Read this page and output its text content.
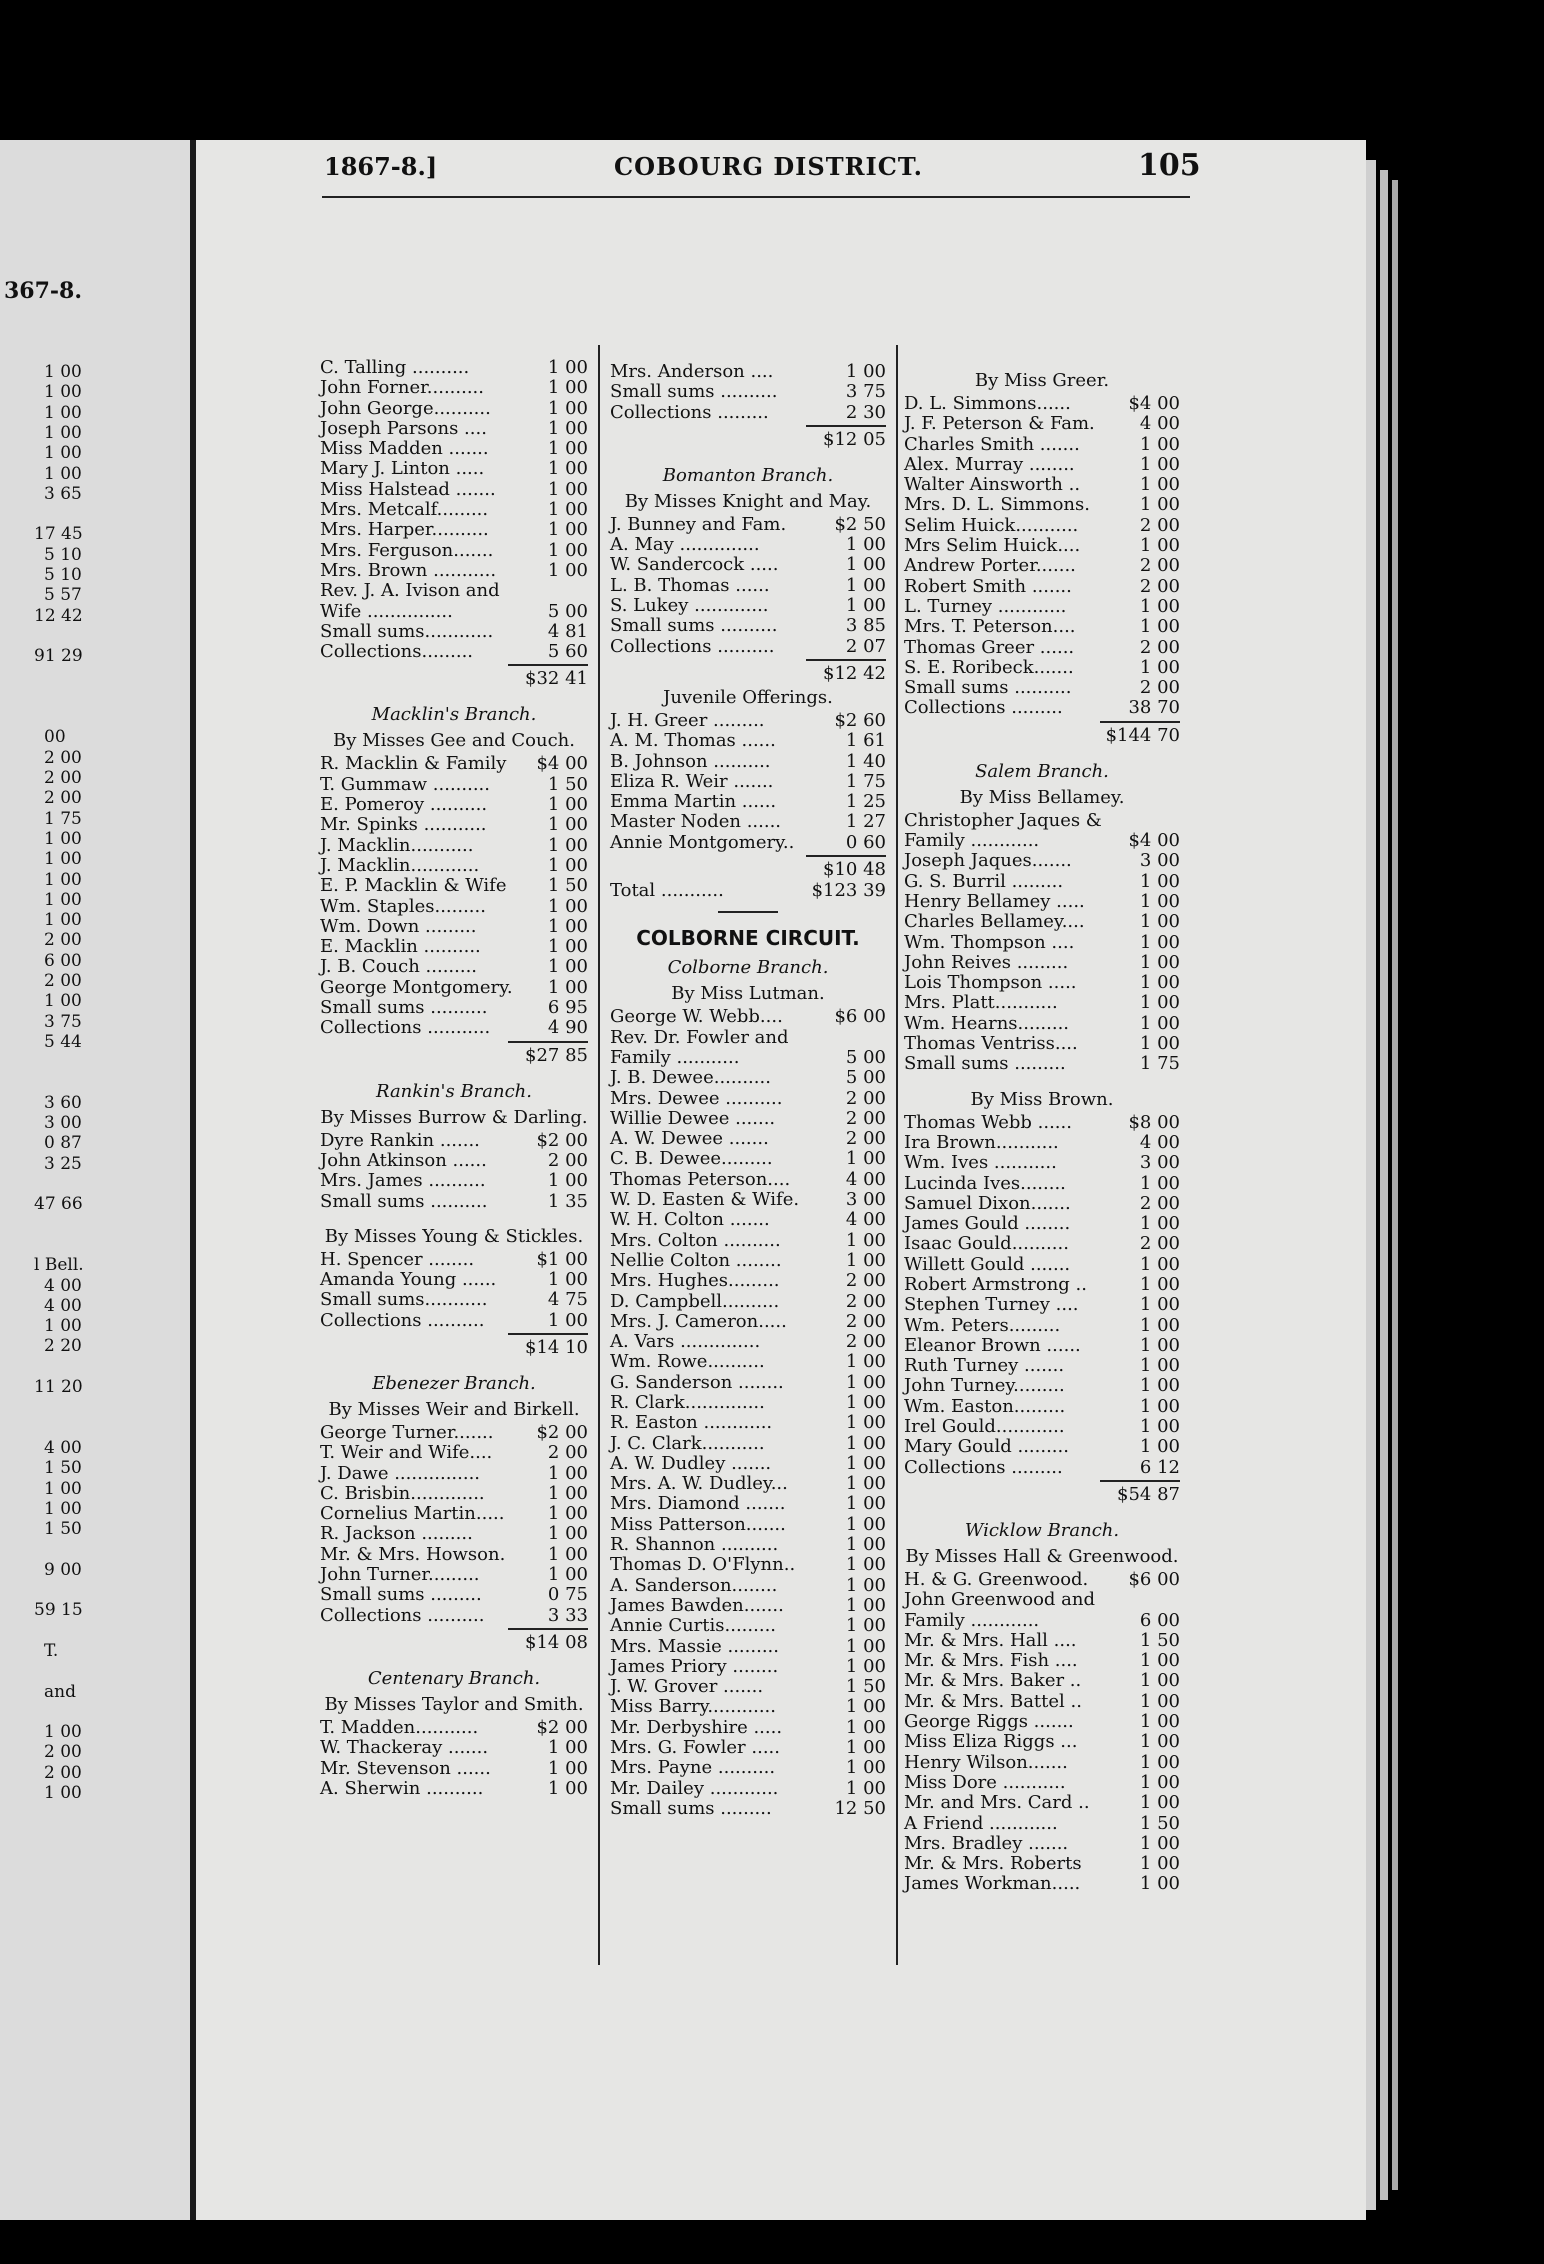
367-8.
1 00
1 00
1 00
1 00
1 00
1 00
3 65
17 45
5 10
5 10
5 57
12 42
91 29
00
2 00
2 00
2 00
1 75
1 00
1 00
1 00
1 00
1 00
2 00
6 00
2 00
1 00
3 75
5 44
3 60
3 00
0 87
3 25
47 66
l Bell.
4 00
4 00
1 00
2 20
11 20
4 00
1 50
1 00
1 00
1 50
9 00
59 15
T.
and
1 00
2 00
2 00
1 00
1867-8.]	COBOURG DISTRICT.	105
C. Talling ..........	1 00
John Forner..........	1 00
John George..........	1 00
Joseph Parsons ....	1 00
Miss Madden .......	1 00
Mary J. Linton .....	1 00
Miss Halstead .......	1 00
Mrs. Metcalf.........	1 00
Mrs. Harper..........	1 00
Mrs. Ferguson.......	1 00
Mrs. Brown ...........	1 00
Rev. J. A. Ivison and
Wife ...............	5 00
Small sums............	4 81
Collections.........	5 60
$32 41
Macklin's Branch.
By Misses Gee and Couch.
R. Macklin & Family $4 00
T. Gummaw ..........	1 50
E. Pomeroy ..........	1 00
Mr. Spinks ...........	1 00
J. Macklin...........	1 00
J. Macklin............	1 00
E. P. Macklin & Wife 1 50
Wm. Staples.........	1 00
Wm. Down .........	1 00
E. Macklin ..........	1 00
J. B. Couch .........	1 00
George Montgomery. 1 00
Small sums ..........	6 95
Collections ...........	4 90
$27 85
Rankin's Branch.
By Misses Burrow & Darling.
Dyre Rankin .......	$2 00
John Atkinson ......	2 00
Mrs. James ..........	1 00
Small sums ..........	1 35
By Misses Young & Stickles.
H. Spencer ........	$1 00
Amanda Young ......	1 00
Small sums...........	4 75
Collections ..........	1 00
$14 10
Ebenezer Branch.
By Misses Weir and Birkell.
George Turner....... $2 00
T. Weir and Wife....	2 00
J. Dawe ...............	1 00
C. Brisbin.............	1 00
Cornelius Martin..... 1 00
R. Jackson .........	1 00
Mr. & Mrs. Howson. 1 00
John Turner.........	1 00
Small sums .........	0 75
Collections ..........	3 33
$14 08
Centenary Branch.
By Misses Taylor and Smith.
T. Madden...........	$2 00
W. Thackeray .......	1 00
Mr. Stevenson ......	1 00
A. Sherwin ..........	1 00
Mrs. Anderson ....	1 00
Small sums ..........	3 75
Collections .........	2 30
$12 05
Bomanton Branch.
By Misses Knight and May.
J. Bunney and Fam.	$2 50
A. May ..............	1 00
W. Sandercock .....	1 00
L. B. Thomas ......	1 00
S. Lukey .............	1 00
Small sums ..........	3 85
Collections ..........	2 07
$12 42
Juvenile Offerings.
J. H. Greer .........	$2 60
A. M. Thomas ......	1 61
B. Johnson ..........	1 40
Eliza R. Weir .......	1 75
Emma Martin ......	1 25
Master Noden ......	1 27
Annie Montgomery..	0 60
$10 48
Total ...........	$123 39
COLBORNE CIRCUIT.
Colborne Branch.
By Miss Lutman.
George W. Webb....	$6 00
Rev. Dr. Fowler and
Family ...........	5 00
J. B. Dewee..........	5 00
Mrs. Dewee ..........	2 00
Willie Dewee .......	2 00
A. W. Dewee .......	2 00
C. B. Dewee.........	1 00
Thomas Peterson....	4 00
W. D. Easten & Wife.	3 00
W. H. Colton .......	4 00
Mrs. Colton ..........	1 00
Nellie Colton ........	1 00
Mrs. Hughes.........	2 00
D. Campbell..........	2 00
Mrs. J. Cameron.....	2 00
A. Vars ..............	2 00
Wm. Rowe..........	1 00
G. Sanderson ........	1 00
R. Clark..............	1 00
R. Easton ............	1 00
J. C. Clark...........	1 00
A. W. Dudley .......	1 00
Mrs. A. W. Dudley...	1 00
Mrs. Diamond .......	1 00
Miss Patterson.......	1 00
R. Shannon ..........	1 00
Thomas D. O'Flynn..	1 00
A. Sanderson........	1 00
James Bawden.......	1 00
Annie Curtis.........	1 00
Mrs. Massie .........	1 00
James Priory ........	1 00
J. W. Grover .......	1 50
Miss Barry............	1 00
Mr. Derbyshire .....	1 00
Mrs. G. Fowler .....	1 00
Mrs. Payne ..........	1 00
Mr. Dailey ............	1 00
Small sums .........	12 50
By Miss Greer.
D. L. Simmons......	$4 00
J. F. Peterson & Fam.	4 00
Charles Smith .......	1 00
Alex. Murray ........	1 00
Walter Ainsworth ..	1 00
Mrs. D. L. Simmons.	1 00
Selim Huick...........	2 00
Mrs Selim Huick....	1 00
Andrew Porter.......	2 00
Robert Smith .......	2 00
L. Turney ............	1 00
Mrs. T. Peterson....	1 00
Thomas Greer ......	2 00
S. E. Roribeck.......	1 00
Small sums ..........	2 00
Collections .........	38 70
$144 70
Salem Branch.
By Miss Bellamey.
Christopher Jaques &
Family ............	$4 00
Joseph Jaques.......	3 00
G. S. Burril .........	1 00
Henry Bellamey .....	1 00
Charles Bellamey....	1 00
Wm. Thompson ....	1 00
John Reives .........	1 00
Lois Thompson .....	1 00
Mrs. Platt...........	1 00
Wm. Hearns.........	1 00
Thomas Ventriss....	1 00
Small sums .........	1 75
By Miss Brown.
Thomas Webb ......	$8 00
Ira Brown...........	4 00
Wm. Ives ...........	3 00
Lucinda Ives........	1 00
Samuel Dixon.......	2 00
James Gould ........	1 00
Isaac Gould..........	2 00
Willett Gould .......	1 00
Robert Armstrong ..	1 00
Stephen Turney ....	1 00
Wm. Peters.........	1 00
Eleanor Brown ......	1 00
Ruth Turney .......	1 00
John Turney.........	1 00
Wm. Easton.........	1 00
Irel Gould............	1 00
Mary Gould .........	1 00
Collections .........	6 12
$54 87
Wicklow Branch.
By Misses Hall & Greenwood.
H. & G. Greenwood. $6 00
John Greenwood and
Family ............	6 00
Mr. & Mrs. Hall ....	1 50
Mr. & Mrs. Fish ....	1 00
Mr. & Mrs. Baker ..	1 00
Mr. & Mrs. Battel ..	1 00
George Riggs .......	1 00
Miss Eliza Riggs ...	1 00
Henry Wilson.......	1 00
Miss Dore ...........	1 00
Mr. and Mrs. Card ..	1 00
A Friend ............	1 50
Mrs. Bradley .......	1 00
Mr. & Mrs. Roberts	1 00
James Workman.....	1 00
